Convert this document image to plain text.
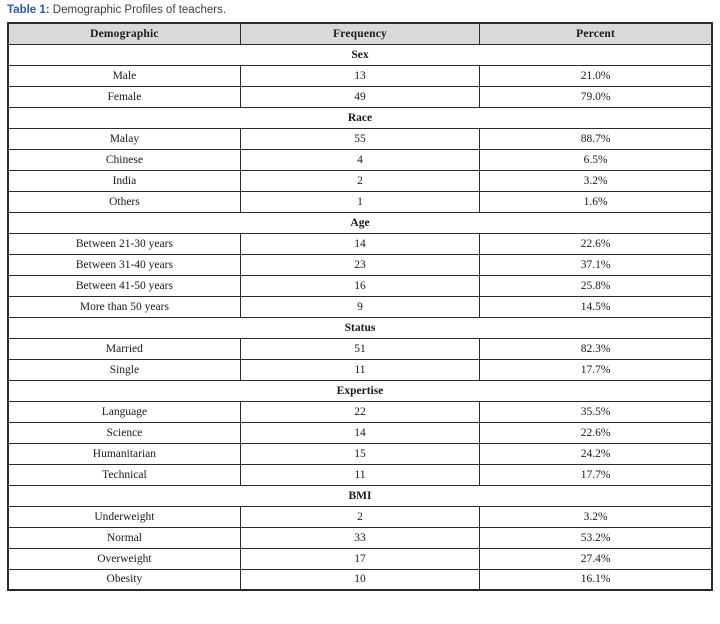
Table 1: Demographic Profiles of teachers.
Demographic	Frequency	Percent
Sex		
Male	13	21.0%
Female	49	79.0%
Race		
Malay	55	88.7%
Chinese	4	6.5%
India	2	3.2%
Others	1	1.6%
Age		
Between 21-30 years	14	22.6%
Between 31-40 years	23	37.1%
Between 41-50 years	16	25.8%
More than 50 years	9	14.5%
Status		
Married	51	82.3%
Single	11	17.7%
Expertise		
Language	22	35.5%
Science	14	22.6%
Humanitarian	15	24.2%
Technical	11	17.7%
BMI		
Underweight	2	3.2%
Normal	33	53.2%
Overweight	17	27.4%
Obesity	10	16.1%
